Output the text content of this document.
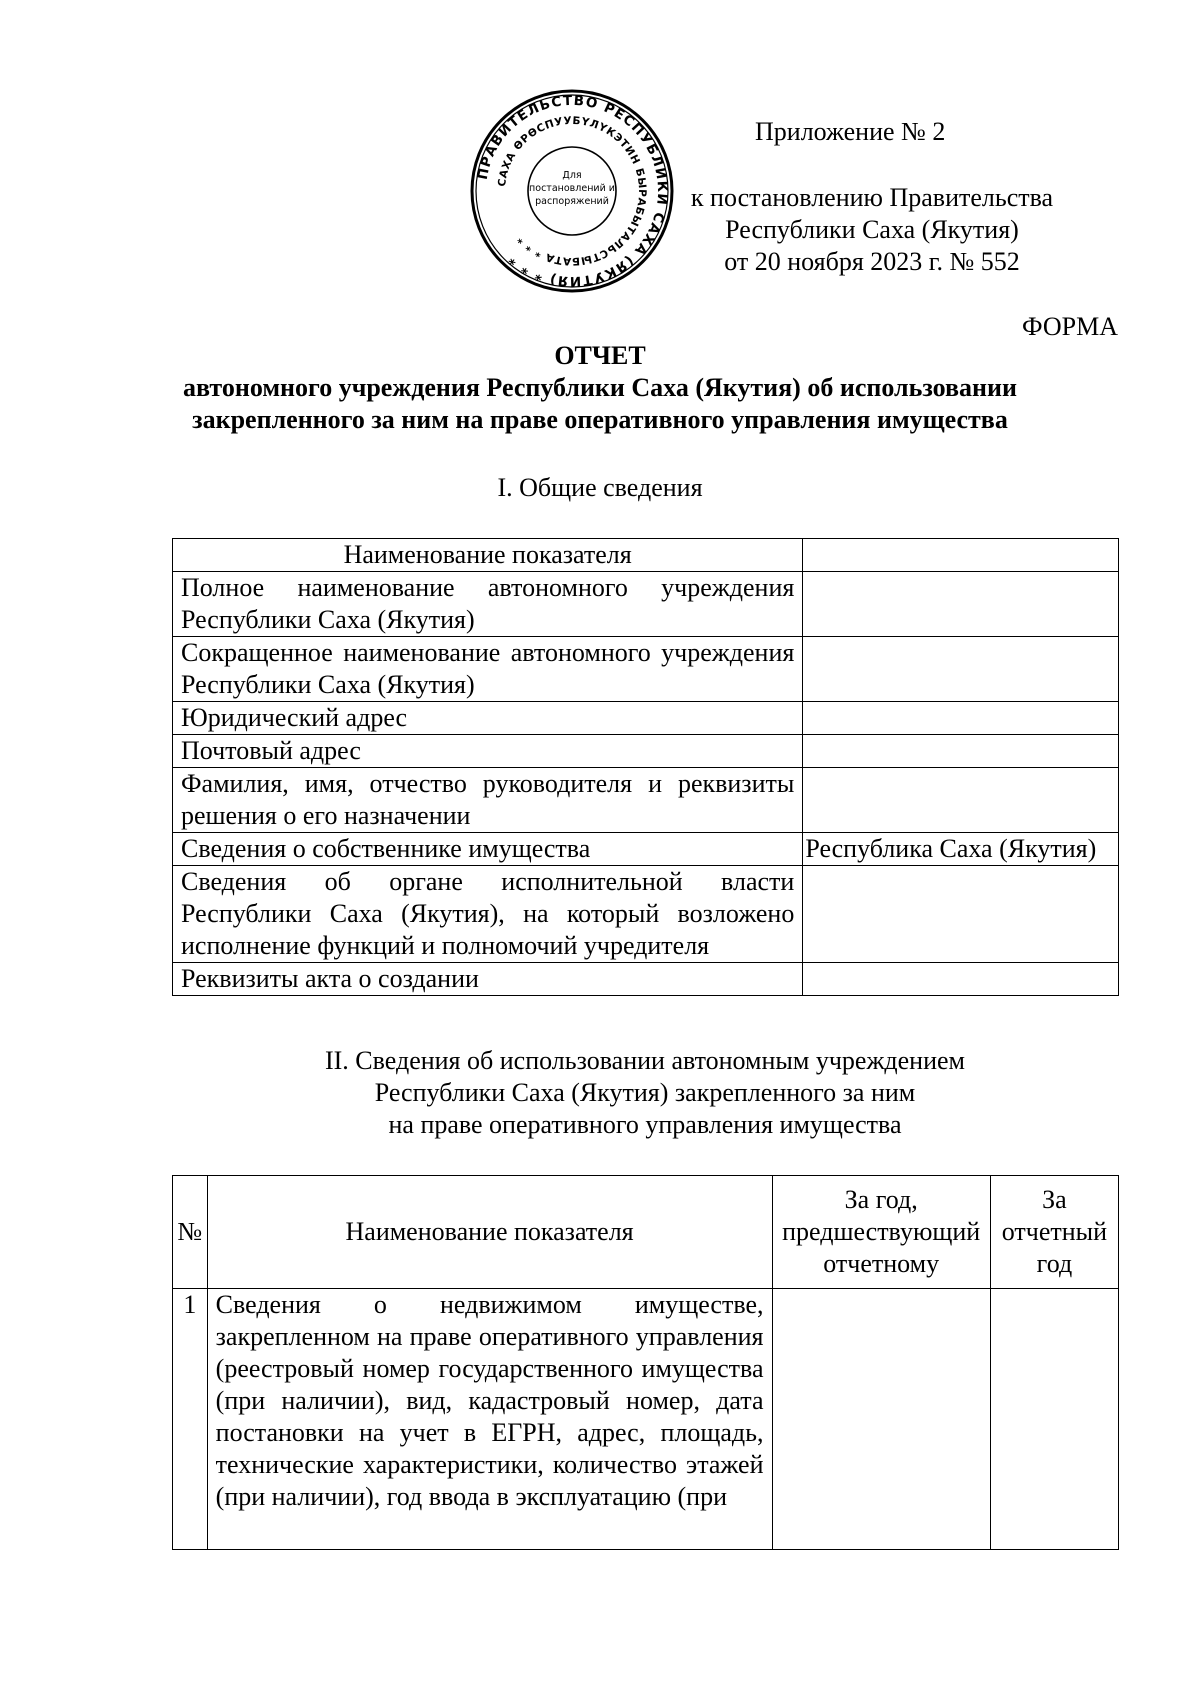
ПРАВИТЕЛЬСТВО РЕСПУБЛИКИ САХА (ЯКУТИЯ) * * *
САХА ӨРӨСПУУБҮЛҮКЭТИН БЫРАБЫТАЛЬСТЫБАТА * * *
Для
постановлений и
распоряжений
Приложение № 2
к постановлению Правительства
Республики Саха (Якутия)
от 20 ноября 2023 г. № 552
ФОРМА
ОТЧЕТ
автономного учреждения Республики Саха (Якутия) об использовании
закрепленного за ним на праве оперативного управления имущества
I. Общие сведения
Наименование показателя	
Полное наименование автономного учреждения Республики Саха (Якутия)	
Сокращенное наименование автономного учреждения Республики Саха (Якутия)	
Юридический адрес	
Почтовый адрес	
Фамилия, имя, отчество руководителя и реквизиты решения о его назначении	
Сведения о собственнике имущества	Республика Саха (Якутия)
Сведения об органе исполнительной власти Республики Саха (Якутия), на который возложено исполнение функций и полномочий учредителя	
Реквизиты акта о создании	
II. Сведения об использовании автономным учреждением
Республики Саха (Якутия) закрепленного за ним
на праве оперативного управления имущества
№	Наименование показателя	За год, предшествующий отчетному	За отчетный год
1	Сведения о недвижимом имуществе, закрепленном на праве оперативного управления (реестровый номер государственного имущества (при наличии), вид, кадастровый номер, дата постановки на учет в ЕГРН, адрес, площадь, технические характеристики, количество этажей (при наличии), год ввода в эксплуатацию (при		
